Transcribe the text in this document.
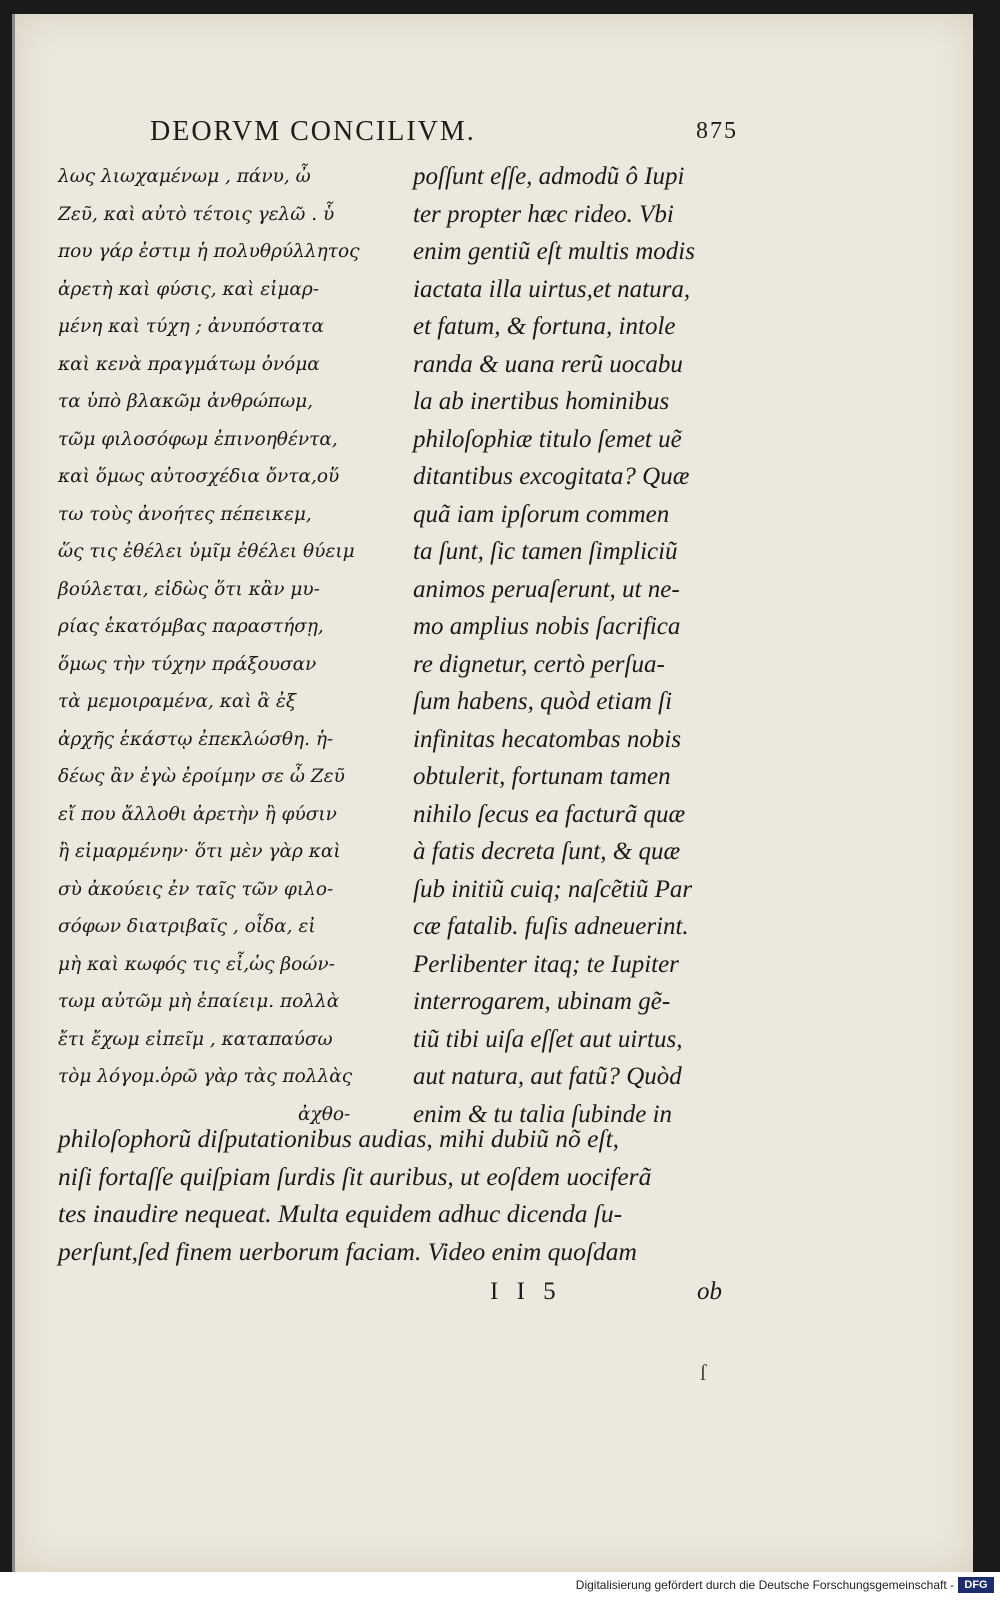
DEORVM CONCILIVM.	875
λως λιωχαμένωμ , πάνυ, ὦ
Ζεῦ, καὶ αὐτὸ τέτοις γελῶ . ὗ
που γάρ ἐστιμ ἡ πολυθρύλλητος
ἀρετὴ καὶ φύσις, καὶ εἱμαρ-
μένη καὶ τύχη ; ἀνυπόστατα
καὶ κενὰ πραγμάτωμ ὀνόμα
τα ὑπὸ βλακῶμ ἀνθρώπωμ,
τῶμ φιλοσόφωμ ἐπινοηθέντα,
καὶ ὅμως αὐτοσχέδια ὄντα,οὕ
τω τοὺς ἀνοήτες πέπεικεμ,
ὥς τις ἐθέλει ὑμῖμ ἐθέλει θύειμ
βούλεται, εἰδὼς ὅτι κἂν μυ-
ρίας ἑκατόμβας παραστήσῃ,
ὅμως τὴν τύχην πράξουσαν
τὰ μεμοιραμένα, καὶ ἃ ἐξ
ἀρχῆς ἑκάστῳ ἐπεκλώσθη. ἡ-
δέως ἂν ἐγὼ ἐροίμην σε ὦ Ζεῦ
εἴ που ἄλλοθι ἀρετὴν ἢ φύσιν
ἢ εἱμαρμένην· ὅτι μὲν γὰρ καὶ
σὺ ἀκούεις ἐν ταῖς τῶν φιλο-
σόφων διατριβαῖς , οἶδα, εἰ
μὴ καὶ κωφός τις εἶ,ὡς βοών-
τωμ αὐτῶμ μὴ ἐπαίειμ. πολλὰ
ἔτι ἔχωμ εἰπεῖμ , καταπαύσω
τὸμ λόγομ.ὁρῶ γὰρ τὰς πολλὰς
ἀχθο-
poſſunt eſſe, admodũ ô Iupi
ter propter hæc rideo. Vbi
enim gentiũ eſt multis modis
iactata illa uirtus,et natura,
et fatum, & fortuna, intole
randa & uana rerũ uocabu
la ab inertibus hominibus
philoſophiæ titulo ſemet uẽ
ditantibus excogitata? Quæ
quã iam ipſorum commen
ta ſunt, ſic tamen ſimpliciũ
animos peruaſerunt, ut ne-
mo amplius nobis ſacrifica
re dignetur, certò perſua-
ſum habens, quòd etiam ſi
infinitas hecatombas nobis
obtulerit, fortunam tamen
nihilo ſecus ea facturã quæ
à fatis decreta ſunt, & quæ
ſub initiũ cuiq; naſcẽtiũ Par
cæ fatalib. fuſis adneuerint.
Perlibenter itaq; te Iupiter
interrogarem, ubinam gẽ-
tiũ tibi uiſa eſſet aut uirtus,
aut natura, aut fatũ? Quòd
enim & tu talia ſubinde in
philoſophorũ diſputationibus audias, mihi dubiũ nõ eſt,
niſi fortaſſe quiſpiam ſurdis ſit auribus, ut eoſdem uociferã
tes inaudire nequeat. Multa equidem adhuc dicenda ſu-
perſunt,ſed finem uerborum faciam. Video enim quoſdam
I I 5	ob
ſ
Digitalisierung gefördert durch die Deutsche Forschungsgemeinschaft - DFG
